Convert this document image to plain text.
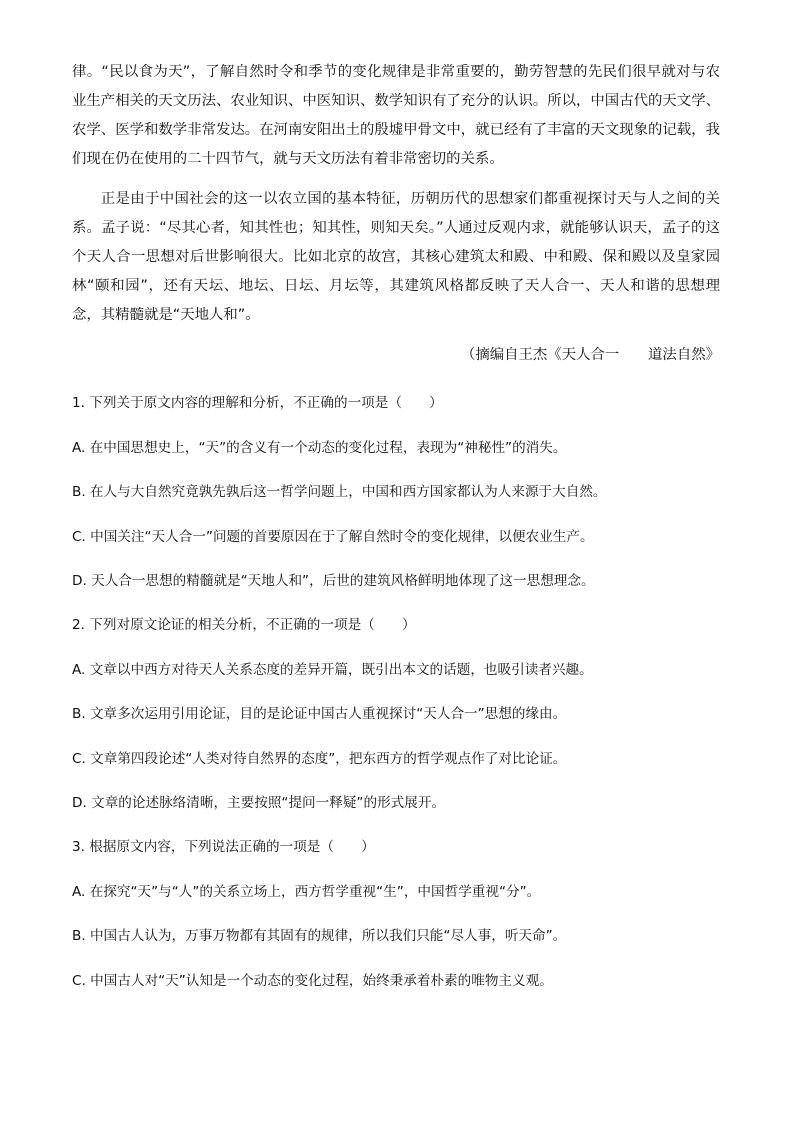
律。“民以食为天”，了解自然时令和季节的变化规律是非常重要的，勤劳智慧的先民们很早就对与农业生产相关的天文历法、农业知识、中医知识、数学知识有了充分的认识。所以，中国古代的天文学、农学、医学和数学非常发达。在河南安阳出土的殷墟甲骨文中，就已经有了丰富的天文现象的记载，我们现在仍在使用的二十四节气，就与天文历法有着非常密切的关系。

正是由于中国社会的这一以农立国的基本特征，历朝历代的思想家们都重视探讨天与人之间的关系。孟子说：“尽其心者，知其性也；知其性，则知天矣。”人通过反观内求，就能够认识天，孟子的这个天人合一思想对后世影响很大。比如北京的故宫，其核心建筑太和殿、中和殿、保和殿以及皇家园林“颐和园”，还有天坛、地坛、日坛、月坛等，其建筑风格都反映了天人合一、天人和谐的思想理念，其精髓就是“天地人和”。

（摘编自王杰《天人合一　　道法自然》

1. 下列关于原文内容的理解和分析，不正确的一项是（　　）

A. 在中国思想史上，“天”的含义有一个动态的变化过程，表现为“神秘性”的消失。

B. 在人与大自然究竟孰先孰后这一哲学问题上，中国和西方国家都认为人来源于大自然。

C. 中国关注“天人合一”问题的首要原因在于了解自然时令的变化规律，以便农业生产。

D. 天人合一思想的精髓就是“天地人和”，后世的建筑风格鲜明地体现了这一思想理念。

2. 下列对原文论证的相关分析，不正确的一项是（　　）

A. 文章以中西方对待天人关系态度的差异开篇，既引出本文的话题，也吸引读者兴趣。

B. 文章多次运用引用论证，目的是论证中国古人重视探讨“天人合一”思想的缘由。

C. 文章第四段论述“人类对待自然界的态度”，把东西方的哲学观点作了对比论证。

D. 文章的论述脉络清晰，主要按照“提问一释疑”的形式展开。

3. 根据原文内容，下列说法正确的一项是（　　）

A. 在探究“天”与“人”的关系立场上，西方哲学重视“生”，中国哲学重视“分”。

B. 中国古人认为，万事万物都有其固有的规律，所以我们只能“尽人事，听天命”。

C. 中国古人对“天”认知是一个动态的变化过程，始终秉承着朴素的唯物主义观。
